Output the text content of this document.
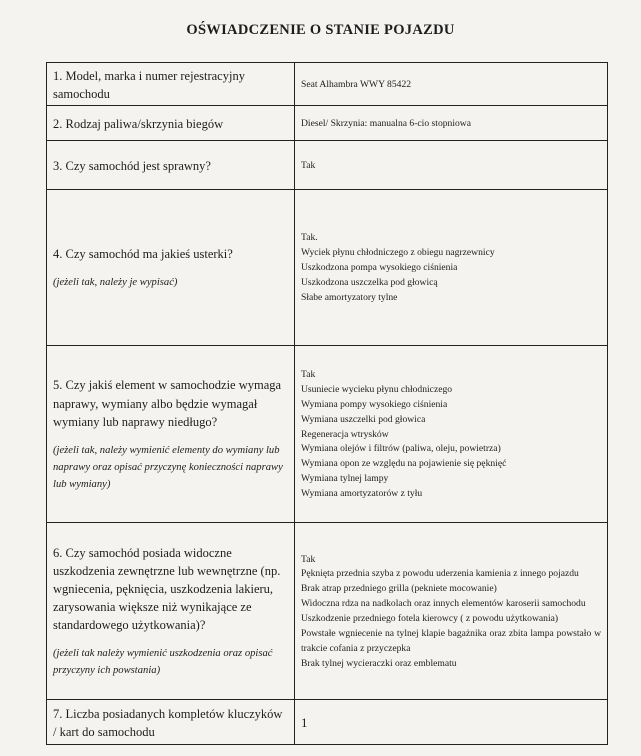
OŚWIADCZENIE O STANIE POJAZDU
1. Model, marka i numer rejestracyjny samochodu
Seat Alhambra WWY 85422
2. Rodzaj paliwa/skrzynia biegów	Diesel/ Skrzynia: manualna 6-cio stopniowa
3. Czy samochód jest sprawny?	Tak
4. Czy samochód ma jakieś usterki?
(jeżeli tak, należy je wypisać)
Tak.
Wyciek płynu chłodniczego z obiegu nagrzewnicy
Uszkodzona pompa wysokiego ciśnienia
Uszkodzona uszczelka pod głowicą
Słabe amortyzatory tylne
5. Czy jakiś element w samochodzie wymaga naprawy, wymiany albo będzie wymagał wymiany lub naprawy niedługo?
(jeżeli tak, należy wymienić elementy do wymiany lub naprawy oraz opisać przyczynę konieczności naprawy lub wymiany)
Tak
Usuniecie wycieku płynu chłodniczego
Wymiana pompy wysokiego ciśnienia
Wymiana uszczelki pod głowica
Regeneracja wtrysków
Wymiana olejów i filtrów (paliwa, oleju, powietrza)
Wymiana opon ze względu na pojawienie się pęknięć
Wymiana tylnej lampy
Wymiana amortyzatorów z tyłu
6. Czy samochód posiada widoczne uszkodzenia zewnętrzne lub wewnętrzne (np. wgniecenia, pęknięcia, uszkodzenia lakieru, zarysowania większe niż wynikające ze standardowego użytkowania)?
(jeżeli tak należy wymienić uszkodzenia oraz opisać przyczyny ich powstania)
Tak
Pęknięta przednia szyba z powodu uderzenia kamienia z innego pojazdu
Brak atrap przedniego grilla (pekniete mocowanie)
Widoczna rdza na nadkolach oraz innych elementów karoserii samochodu
Uszkodzenie przedniego fotela kierowcy ( z powodu użytkowania)
Powstałe wgniecenie na tylnej klapie bagażnika oraz zbita lampa powstało w trakcie cofania z przyczepka
Brak tylnej wycieraczki oraz emblematu
7. Liczba posiadanych kompletów kluczyków / kart do samochodu
1
